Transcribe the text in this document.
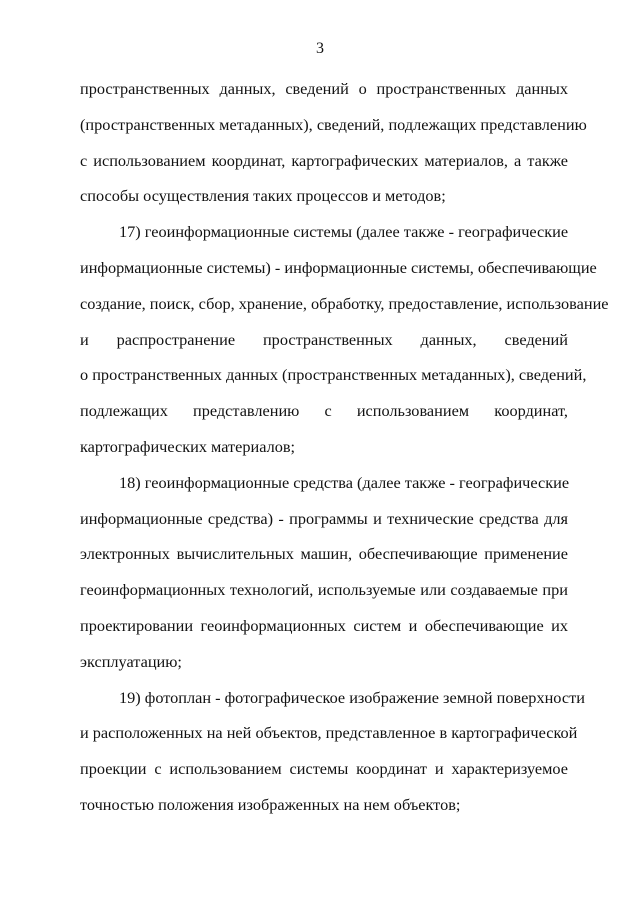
3
пространственных данных, сведений о пространственных данных
(пространственных метаданных), сведений, подлежащих представлению
с использованием координат, картографических материалов, а также
способы осуществления таких процессов и методов;
17) геоинформационные системы (далее также - географические
информационные системы) - информационные системы, обеспечивающие
создание, поиск, сбор, хранение, обработку, предоставление, использование
и распространение пространственных данных, сведений
о пространственных данных (пространственных метаданных), сведений,
подлежащих представлению с использованием координат,
картографических материалов;
18) геоинформационные средства (далее также - географические
информационные средства) - программы и технические средства для
электронных вычислительных машин, обеспечивающие применение
геоинформационных технологий, используемые или создаваемые при
проектировании геоинформационных систем и обеспечивающие их
эксплуатацию;
19) фотоплан - фотографическое изображение земной поверхности
и расположенных на ней объектов, представленное в картографической
проекции с использованием системы координат и характеризуемое
точностью положения изображенных на нем объектов;
